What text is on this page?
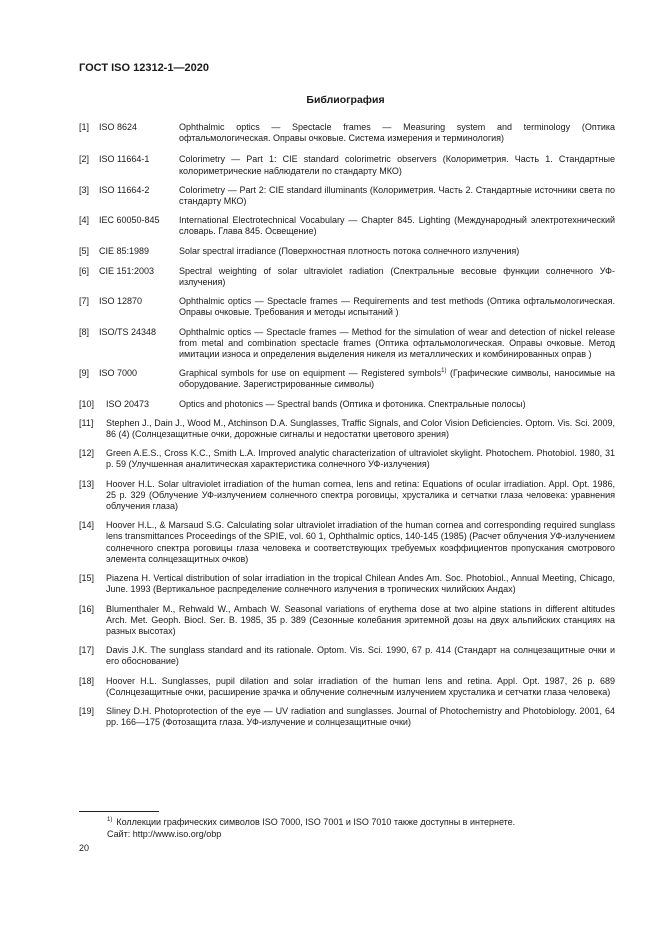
ГОСТ ISO 12312-1—2020
Библиография
[1] ISO 8624	Ophthalmic optics — Spectacle frames — Measuring system and terminology (Оптика офтальмологическая. Оправы очковые. Система измерения и терминология)
[2] ISO 11664-1	Colorimetry — Part 1: CIE standard colorimetric observers (Колориметрия. Часть 1. Стандартные колориметрические наблюдатели по стандарту МКО)
[3] ISO 11664-2	Colorimetry — Part 2: CIE standard illuminants (Колориметрия. Часть 2. Стандартные источники света по стандарту МКО)
[4] IEC 60050-845 International Electrotechnical Vocabulary — Chapter 845. Lighting (Международный электротехнический словарь. Глава 845. Освещение)
[5] CIE 85:1989	Solar spectral irradiance (Поверхностная плотность потока солнечного излучения)
[6] CIE 151:2003	Spectral weighting of solar ultraviolet radiation (Спектральные весовые функции солнечного УФ-излучения)
[7] ISO 12870	Ophthalmic optics — Spectacle frames — Requirements and test methods (Оптика офтальмологическая. Оправы очковые. Требования и методы испытаний )
[8] ISO/TS 24348	Ophthalmic optics — Spectacle frames — Method for the simulation of wear and detection of nickel release from metal and combination spectacle frames (Оптика офтальмологическая. Оправы очковые. Метод имитации износа и определения выделения никеля из металлических и комбинированных оправ )
[9] ISO 7000	Graphical symbols for use on equipment — Registered symbols$^{1)}$ (Графические символы, наносимые на оборудование. Зарегистрированные символы)
[10] ISO 20473	Optics and photonics — Spectral bands (Оптика и фотоника. Спектральные полосы)
[11] Stephen J., Dain J., Wood M., Atchinson D.A. Sunglasses, Traffic Signals, and Color Vision Deficiencies. Optom. Vis. Sci. 2009, 86 (4) (Солнцезащитные очки, дорожные сигналы и недостатки цветового зрения)
[12] Green A.E.S., Cross K.C., Smith L.A. Improved analytic characterization of ultraviolet skylight. Photochem. Photobiol. 1980, 31 p. 59 (Улучшенная аналитическая характеристика солнечного УФ-излучения)
[13] Hoover H.L. Solar ultraviolet irradiation of the human cornea, lens and retina: Equations of ocular irradiation. Appl. Opt. 1986, 25 p. 329 (Облучение УФ-излучением солнечного спектра роговицы, хрусталика и сетчатки глаза человека: уравнения облучения глаза)
[14] Hoover H.L., & Marsaud S.G. Calculating solar ultraviolet irradiation of the human cornea and corresponding required sunglass lens transmittances Proceedings of the SPIE, vol. 60 1, Ophthalmic optics, 140-145 (1985) (Расчет облучения УФ-излучением солнечного спектра роговицы глаза человека и соответствующих требуемых коэффициентов пропускания смотрового элемента солнцезащитных очков)
[15] Piazena H. Vertical distribution of solar irradiation in the tropical Chilean Andes Am. Soc. Photobiol., Annual Meeting, Chicago, June. 1993 (Вертикальное распределение солнечного излучения в тропических чилийских Андах)
[16] Blumenthaler M., Rehwald W., Ambach W. Seasonal variations of erythema dose at two alpine stations in different altitudes Arch. Met. Geoph. Biocl. Ser. B. 1985, 35 p. 389 (Сезонные колебания эритемной дозы на двух альпийских станциях на разных высотах)
[17] Davis J.K. The sunglass standard and its rationale. Optom. Vis. Sci. 1990, 67 p. 414 (Стандарт на солнцезащитные очки и его обоснование)
[18] Hoover H.L. Sunglasses, pupil dilation and solar irradiation of the human lens and retina. Appl. Opt. 1987, 26 p. 689 (Солнцезащитные очки, расширение зрачка и облучение солнечным излучением хрусталика и сетчатки глаза человека)
[19] Sliney D.H. Photoprotection of the eye — UV radiation and sunglasses. Journal of Photochemistry and Photobiology. 2001, 64 pp. 166—175 (Фотозащита глаза. УФ-излучение и солнцезащитные очки)
$^{1)}$ Коллекции графических символов ISO 7000, ISO 7001 и ISO 7010 также доступны в интернете.
Сайт: http://www.iso.org/obp
20
